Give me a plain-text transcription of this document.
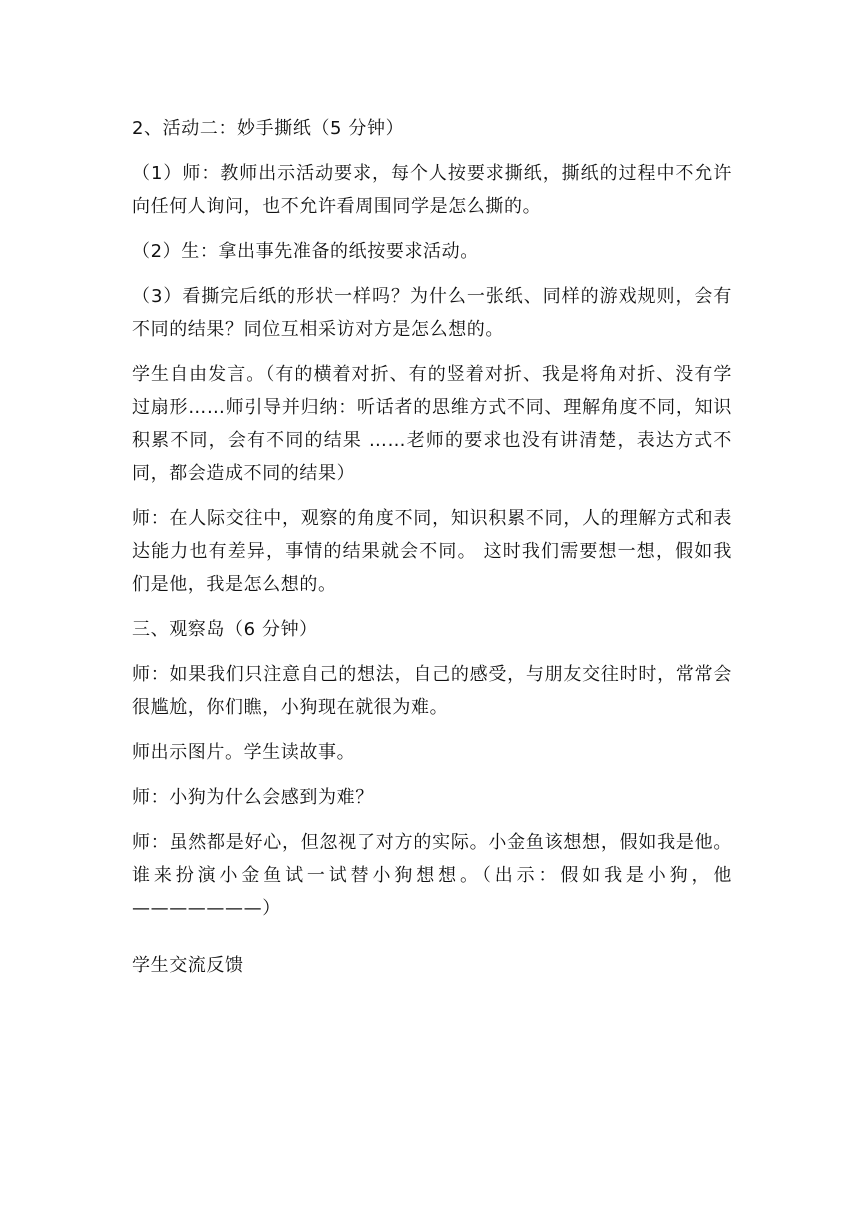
2、活动二：妙手撕纸（5 分钟）

（1）师：教师出示活动要求，每个人按要求撕纸，撕纸的过程中不允许向任何人询问，也不允许看周围同学是怎么撕的。

（2）生：拿出事先准备的纸按要求活动。

（3）看撕完后纸的形状一样吗？为什么一张纸、同样的游戏规则，会有不同的结果？同位互相采访对方是怎么想的。

学生自由发言。（有的横着对折、有的竖着对折、我是将角对折、没有学过扇形……师引导并归纳：听话者的思维方式不同、理解角度不同，知识积累不同，会有不同的结果 ……老师的要求也没有讲清楚，表达方式不同，都会造成不同的结果）

师：在人际交往中，观察的角度不同，知识积累不同，人的理解方式和表达能力也有差异，事情的结果就会不同。 这时我们需要想一想，假如我们是他，我是怎么想的。

三、观察岛（6 分钟）

师：如果我们只注意自己的想法，自己的感受，与朋友交往时时，常常会很尴尬，你们瞧，小狗现在就很为难。

师出示图片。学生读故事。

师：小狗为什么会感到为难？

师：虽然都是好心，但忽视了对方的实际。小金鱼该想想，假如我是他。谁来扮演小金鱼试一试替小狗想想。（出示：假如我是小狗，他———————）

学生交流反馈
